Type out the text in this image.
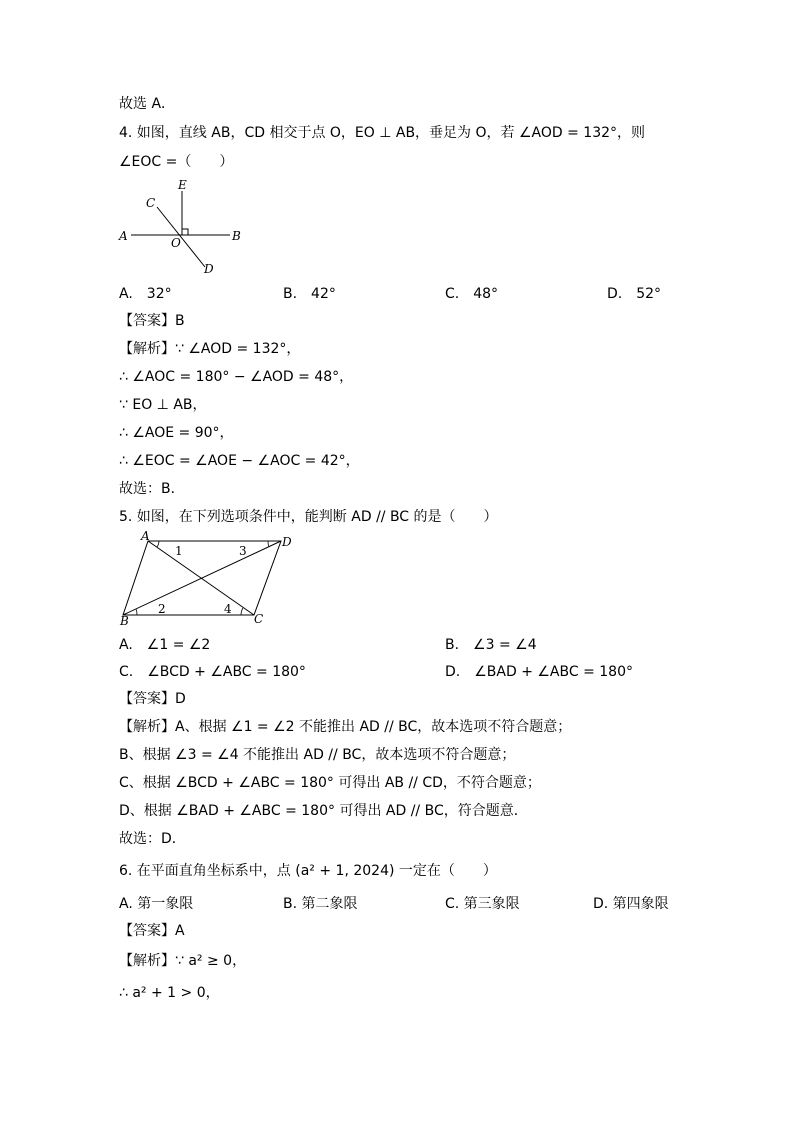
故选 A．
4. 如图，直线 AB，CD 相交于点 O，EO ⊥ AB，垂足为 O，若 ∠AOD = 132°，则
∠EOC =（　　）
A	B
C
D
E
O
A.　32°	B.　42°	C.　48°	D.　52°
【答案】B
【解析】∵ ∠AOD = 132°，
∴ ∠AOC = 180° − ∠AOD = 48°，
∵ EO ⊥ AB，
∴ ∠AOE = 90°，
∴ ∠EOC = ∠AOE − ∠AOC = 42°，
故选：B．
5. 如图，在下列选项条件中，能判断 AD // BC 的是（　　）
A	D
B	C
1	3
2	4
A.　∠1 = ∠2	B.　∠3 = ∠4
C.　∠BCD + ∠ABC = 180°	D.　∠BAD + ∠ABC = 180°
【答案】D
【解析】A、根据 ∠1 = ∠2 不能推出 AD // BC，故本选项不符合题意；
B、根据 ∠3 = ∠4 不能推出 AD // BC，故本选项不符合题意；
C、根据 ∠BCD + ∠ABC = 180° 可得出 AB // CD，不符合题意；
D、根据 ∠BAD + ∠ABC = 180° 可得出 AD // BC，符合题意．
故选：D．
6. 在平面直角坐标系中，点 (a² + 1, 2024) 一定在（　　）
A. 第一象限	B. 第二象限	C. 第三象限	D. 第四象限
【答案】A
【解析】∵ a² ≥ 0，
∴ a² + 1 > 0，
